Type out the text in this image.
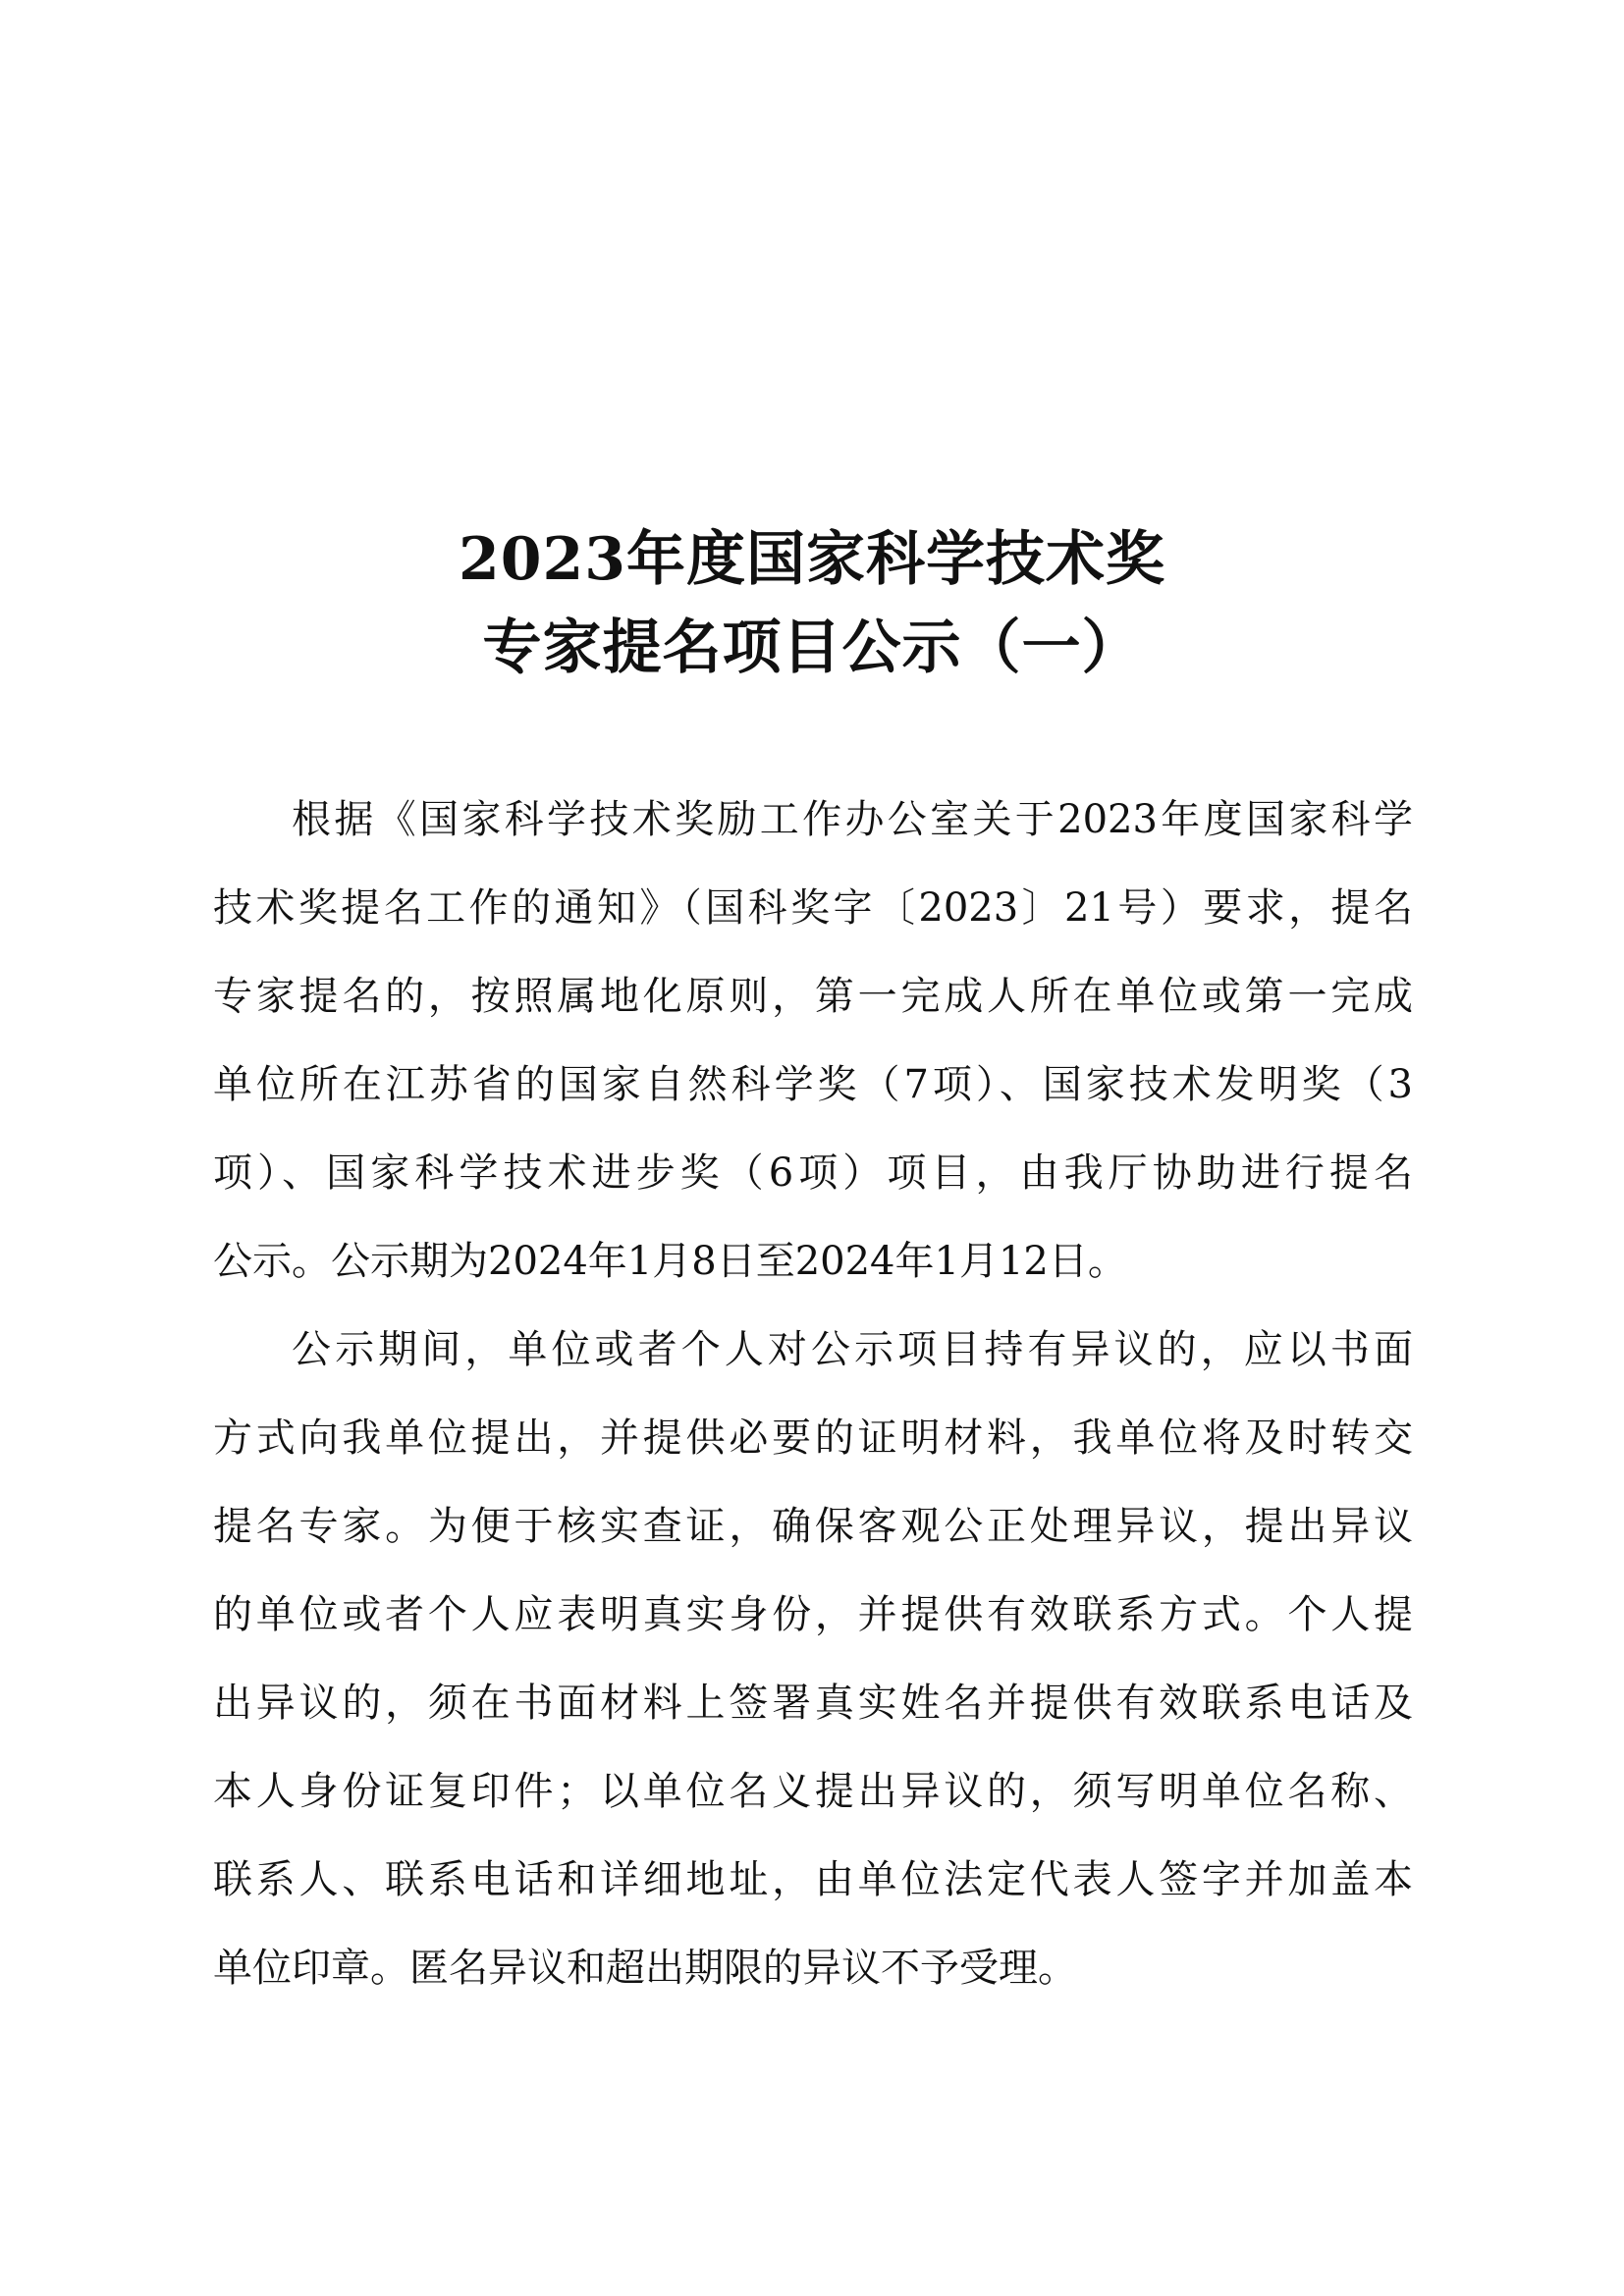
2023年度国家科学技术奖
专家提名项目公示（一）
根据《国家科学技术奖励工作办公室关于2023年度国家科学
技术奖提名工作的通知》（国科奖字〔2023〕21号）要求，提名
专家提名的，按照属地化原则，第一完成人所在单位或第一完成
单位所在江苏省的国家自然科学奖（7项）、国家技术发明奖（3
项）、国家科学技术进步奖（6项）项目，由我厅协助进行提名
公示。公示期为2024年1月8日至2024年1月12日。
公示期间，单位或者个人对公示项目持有异议的，应以书面
方式向我单位提出，并提供必要的证明材料，我单位将及时转交
提名专家。为便于核实查证，确保客观公正处理异议，提出异议
的单位或者个人应表明真实身份，并提供有效联系方式。个人提
出异议的，须在书面材料上签署真实姓名并提供有效联系电话及
本人身份证复印件；以单位名义提出异议的，须写明单位名称、
联系人、联系电话和详细地址，由单位法定代表人签字并加盖本
单位印章。匿名异议和超出期限的异议不予受理。
